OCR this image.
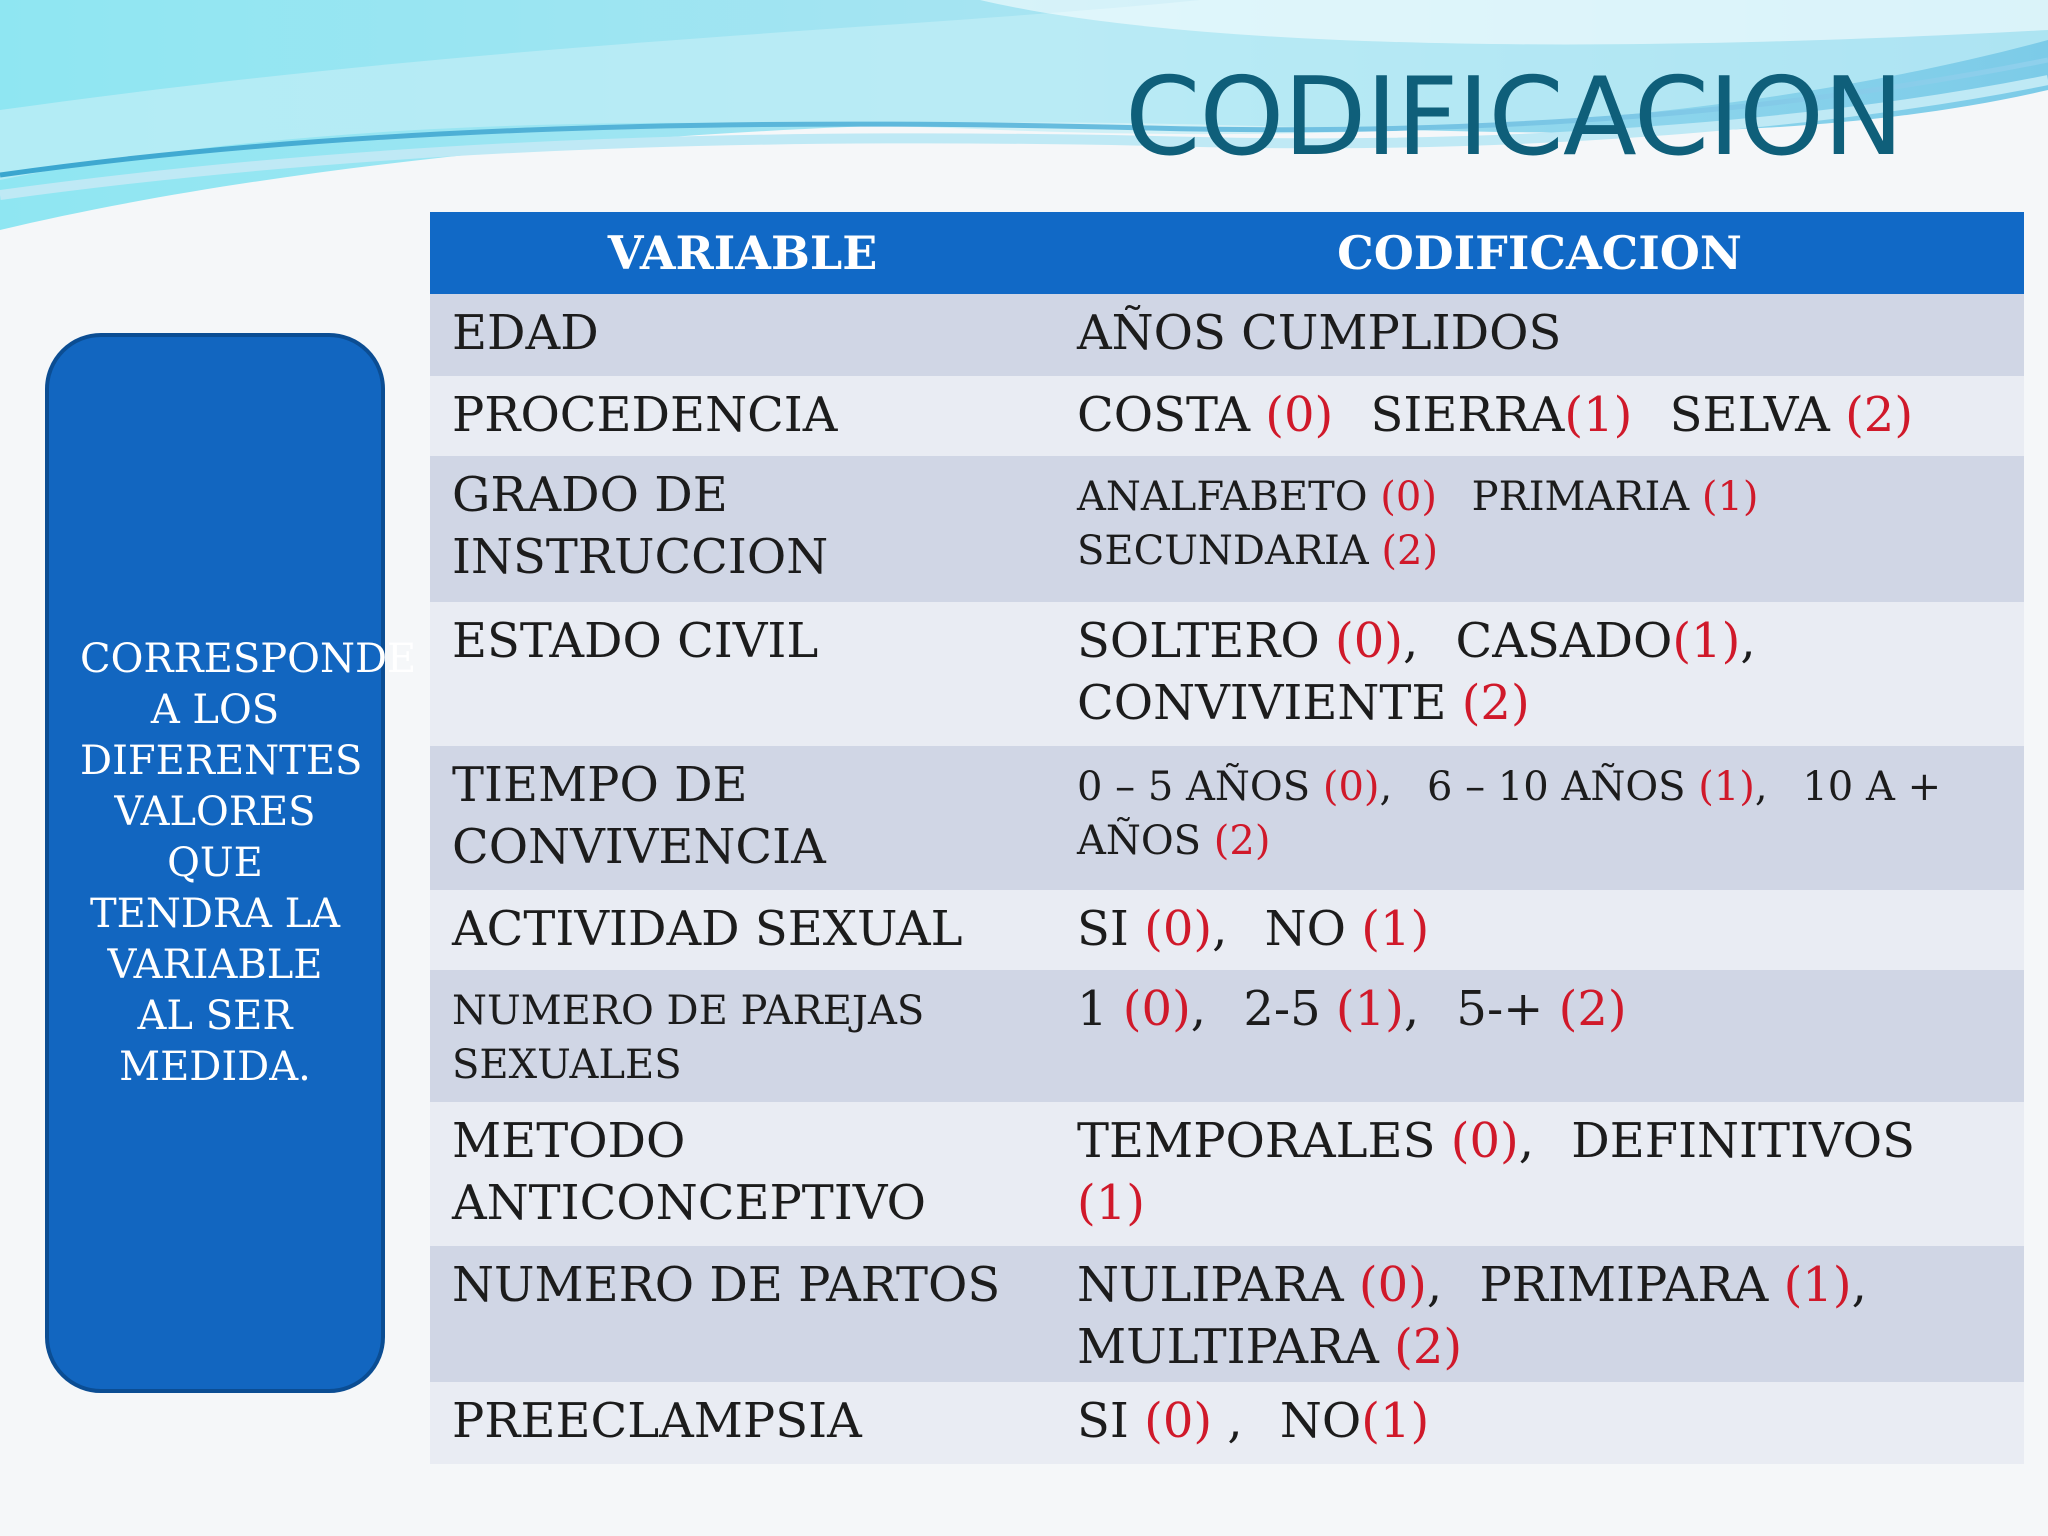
CODIFICACION
CORRESPONDE A LOS DIFERENTES VALORES QUE TENDRA LA VARIABLE AL SER MEDIDA.
VARIABLE	CODIFICACION
EDAD	AÑOS CUMPLIDOS
PROCEDENCIA	COSTA (0) SIERRA(1) SELVA (2)
GRADO DE INSTRUCCION	ANALFABETO (0) PRIMARIA (1) SECUNDARIA (2)
ESTADO CIVIL	SOLTERO (0), CASADO(1), CONVIVIENTE (2)
TIEMPO DE CONVIVENCIA	0 – 5 AÑOS (0), 6 – 10 AÑOS (1), 10 A + AÑOS (2)
ACTIVIDAD SEXUAL	SI (0), NO (1)
NUMERO DE PAREJAS SEXUALES	1 (0), 2-5 (1), 5-+ (2)
METODO ANTICONCEPTIVO	TEMPORALES (0), DEFINITIVOS (1)
NUMERO DE PARTOS	NULIPARA (0), PRIMIPARA (1), MULTIPARA (2)
PREECLAMPSIA	SI (0) , NO(1)
